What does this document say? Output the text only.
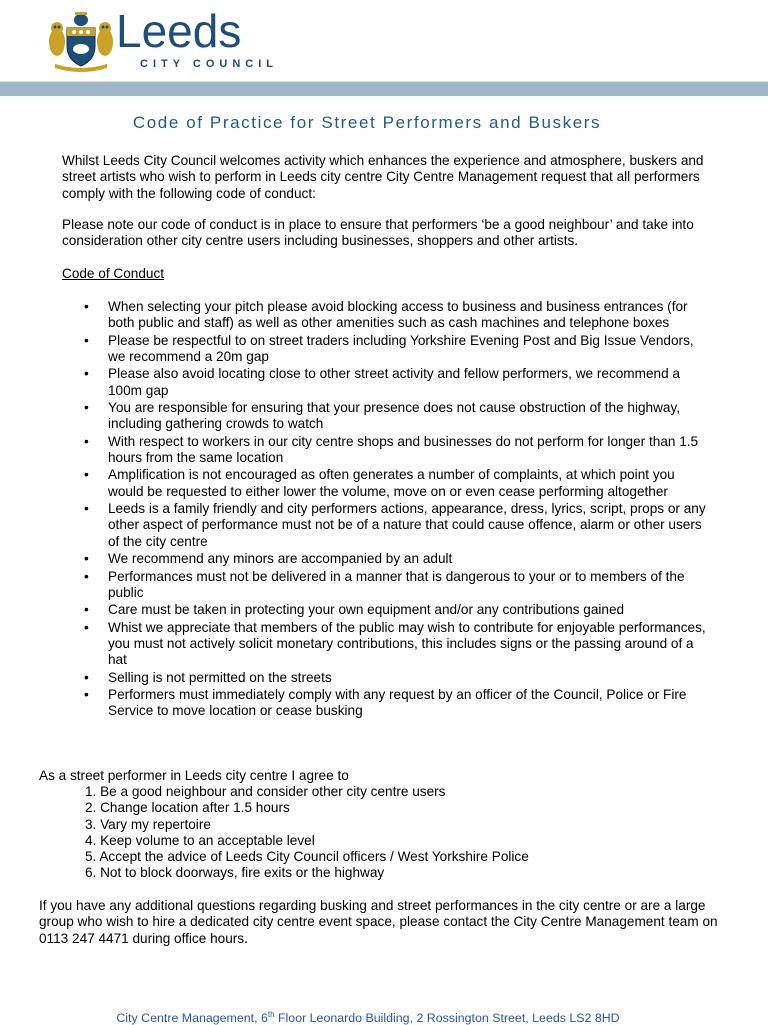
Leeds
CITY COUNCIL
Code of Practice for Street Performers and Buskers
Whilst Leeds City Council welcomes activity which enhances the experience and atmosphere, buskers and street artists who wish to perform in Leeds city centre City Centre Management request that all performers comply with the following code of conduct:
Please note our code of conduct is in place to ensure that performers ‘be a good neighbour’ and take into consideration other city centre users including businesses, shoppers and other artists.
Code of Conduct
• When selecting your pitch please avoid blocking access to business and business entrances (for both public and staff) as well as other amenities such as cash machines and telephone boxes
• Please be respectful to on street traders including Yorkshire Evening Post and Big Issue Vendors, we recommend a 20m gap
• Please also avoid locating close to other street activity and fellow performers, we recommend a 100m gap
• You are responsible for ensuring that your presence does not cause obstruction of the highway, including gathering crowds to watch
• With respect to workers in our city centre shops and businesses do not perform for longer than 1.5 hours from the same location
• Amplification is not encouraged as often generates a number of complaints, at which point you would be requested to either lower the volume, move on or even cease performing altogether
• Leeds is a family friendly and city performers actions, appearance, dress, lyrics, script, props or any other aspect of performance must not be of a nature that could cause offence, alarm or other users of the city centre
• We recommend any minors are accompanied by an adult
• Performances must not be delivered in a manner that is dangerous to your or to members of the public
• Care must be taken in protecting your own equipment and/or any contributions gained
• Whist we appreciate that members of the public may wish to contribute for enjoyable performances, you must not actively solicit monetary contributions, this includes signs or the passing around of a hat
• Selling is not permitted on the streets
• Performers must immediately comply with any request by an officer of the Council, Police or Fire Service to move location or cease busking
As a street performer in Leeds city centre I agree to
1. Be a good neighbour and consider other city centre users
2. Change location after 1.5 hours
3. Vary my repertoire
4. Keep volume to an acceptable level
5. Accept the advice of Leeds City Council officers / West Yorkshire Police
6. Not to block doorways, fire exits or the highway
If you have any additional questions regarding busking and street performances in the city centre or are a large group who wish to hire a dedicated city centre event space, please contact the City Centre Management team on 0113 247 4471 during office hours.
City Centre Management, 6th Floor Leonardo Building, 2 Rossington Street, Leeds LS2 8HD
